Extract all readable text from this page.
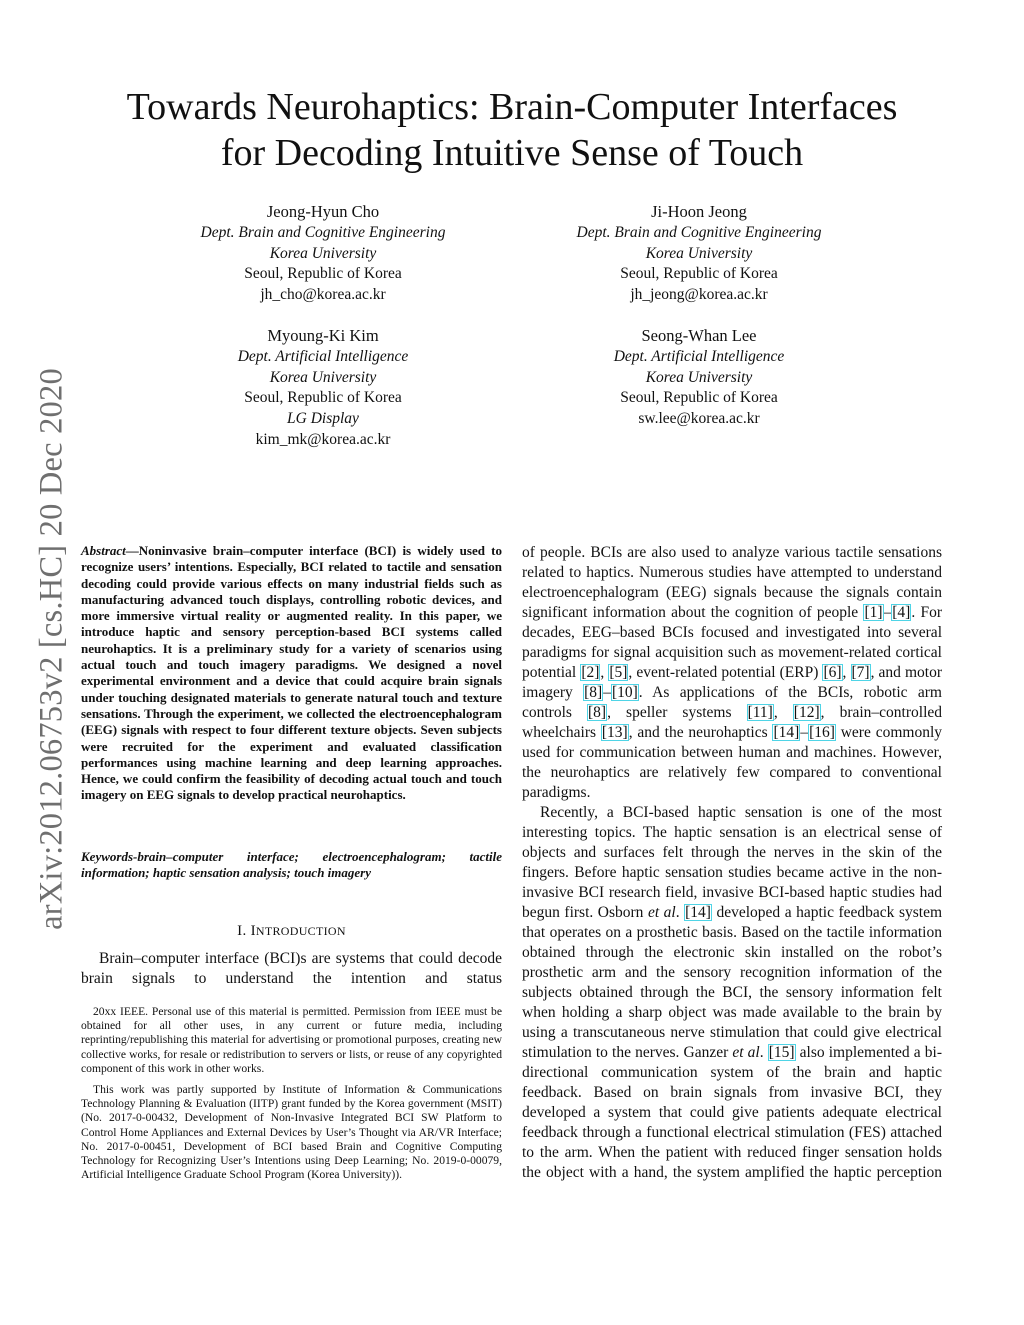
Towards Neurohaptics: Brain-Computer Interfaces
for Decoding Intuitive Sense of Touch
Jeong-Hyun Cho
Dept. Brain and Cognitive Engineering
Korea University
Seoul, Republic of Korea
jh_cho@korea.ac.kr
Ji-Hoon Jeong
Dept. Brain and Cognitive Engineering
Korea University
Seoul, Republic of Korea
jh_jeong@korea.ac.kr
Myoung-Ki Kim
Dept. Artificial Intelligence
Korea University
Seoul, Republic of Korea
LG Display
kim_mk@korea.ac.kr
Seong-Whan Lee
Dept. Artificial Intelligence
Korea University
Seoul, Republic of Korea
sw.lee@korea.ac.kr
arXiv:2012.06753v2 [cs.HC] 20 Dec 2020 Abstract—Noninvasive brain–computer interface (BCI) is widely used to recognize users’ intentions. Especially, BCI related to tactile and sensation decoding could provide various effects on many industrial fields such as manufacturing advanced touch displays, controlling robotic devices, and more immersive virtual reality or augmented reality. In this paper, we introduce haptic and sensory perception-based BCI systems called neurohaptics. It is a preliminary study for a variety of scenarios using actual touch and touch imagery paradigms. We designed a novel experimental environment and a device that could acquire brain signals under touching designated materials to generate natural touch and texture sensations. Through the experiment, we collected the electroencephalogram (EEG) signals with respect to four different texture objects. Seven subjects were recruited for the experiment and evaluated classification performances using machine learning and deep learning approaches. Hence, we could confirm the feasibility of decoding actual touch and touch imagery on EEG signals to develop practical neurohaptics.

Keywords-brain–computer interface; electroencephalogram; tactile information; haptic sensation analysis; touch imagery

I. INTRODUCTION

Brain–computer interface (BCI)s are systems that could decode brain signals to understand the intention and status

20xx IEEE. Personal use of this material is permitted. Permission from IEEE must be obtained for all other uses, in any current or future media, including reprinting/republishing this material for advertising or promotional purposes, creating new collective works, for resale or redistribution to servers or lists, or reuse of any copyrighted component of this work in other works.

This work was partly supported by Institute of Information & Communications Technology Planning & Evaluation (IITP) grant funded by the Korea government (MSIT) (No. 2017-0-00432, Development of Non-Invasive Integrated BCI SW Platform to Control Home Appliances and External Devices by User’s Thought via AR/VR Interface; No. 2017-0-00451, Development of BCI based Brain and Cognitive Computing Technology for Recognizing User’s Intentions using Deep Learning; No. 2019-0-00079, Artificial Intelligence Graduate School Program (Korea University)).

of people. BCIs are also used to analyze various tactile sensations related to haptics. Numerous studies have attempted to understand electroencephalogram (EEG) signals because the signals contain significant information about the cognition of people [1]–[4]. For decades, EEG–based BCIs focused and investigated into several paradigms for signal acquisition such as movement-related cortical potential [2], [5], event-related potential (ERP) [6], [7], and motor imagery [8]–[10]. As applications of the BCIs, robotic arm controls [8], speller systems [11], [12], brain–controlled wheelchairs [13], and the neurohaptics [14]–[16] were commonly used for communication between human and machines. However, the neurohaptics are relatively few compared to conventional paradigms.

Recently, a BCI-based haptic sensation is one of the most interesting topics. The haptic sensation is an electrical sense of objects and surfaces felt through the nerves in the skin of the fingers. Before haptic sensation studies became active in the non-invasive BCI research field, invasive BCI-based haptic studies had begun first. Osborn et al. [14] developed a haptic feedback system that operates on a prosthetic basis. Based on the tactile information obtained through the electronic skin installed on the robot’s prosthetic arm and the sensory recognition information of the subjects obtained through the BCI, the sensory information felt when holding a sharp object was made available to the brain by using a transcutaneous nerve stimulation that could give electrical stimulation to the nerves. Ganzer et al. [15] also implemented a bi-directional communication system of the brain and haptic feedback. Based on brain signals from invasive BCI, they developed a system that could give patients adequate electrical feedback through a functional electrical stimulation (FES) attached to the arm. When the patient with reduced finger sensation holds the object with a hand, the system amplified the haptic perception
